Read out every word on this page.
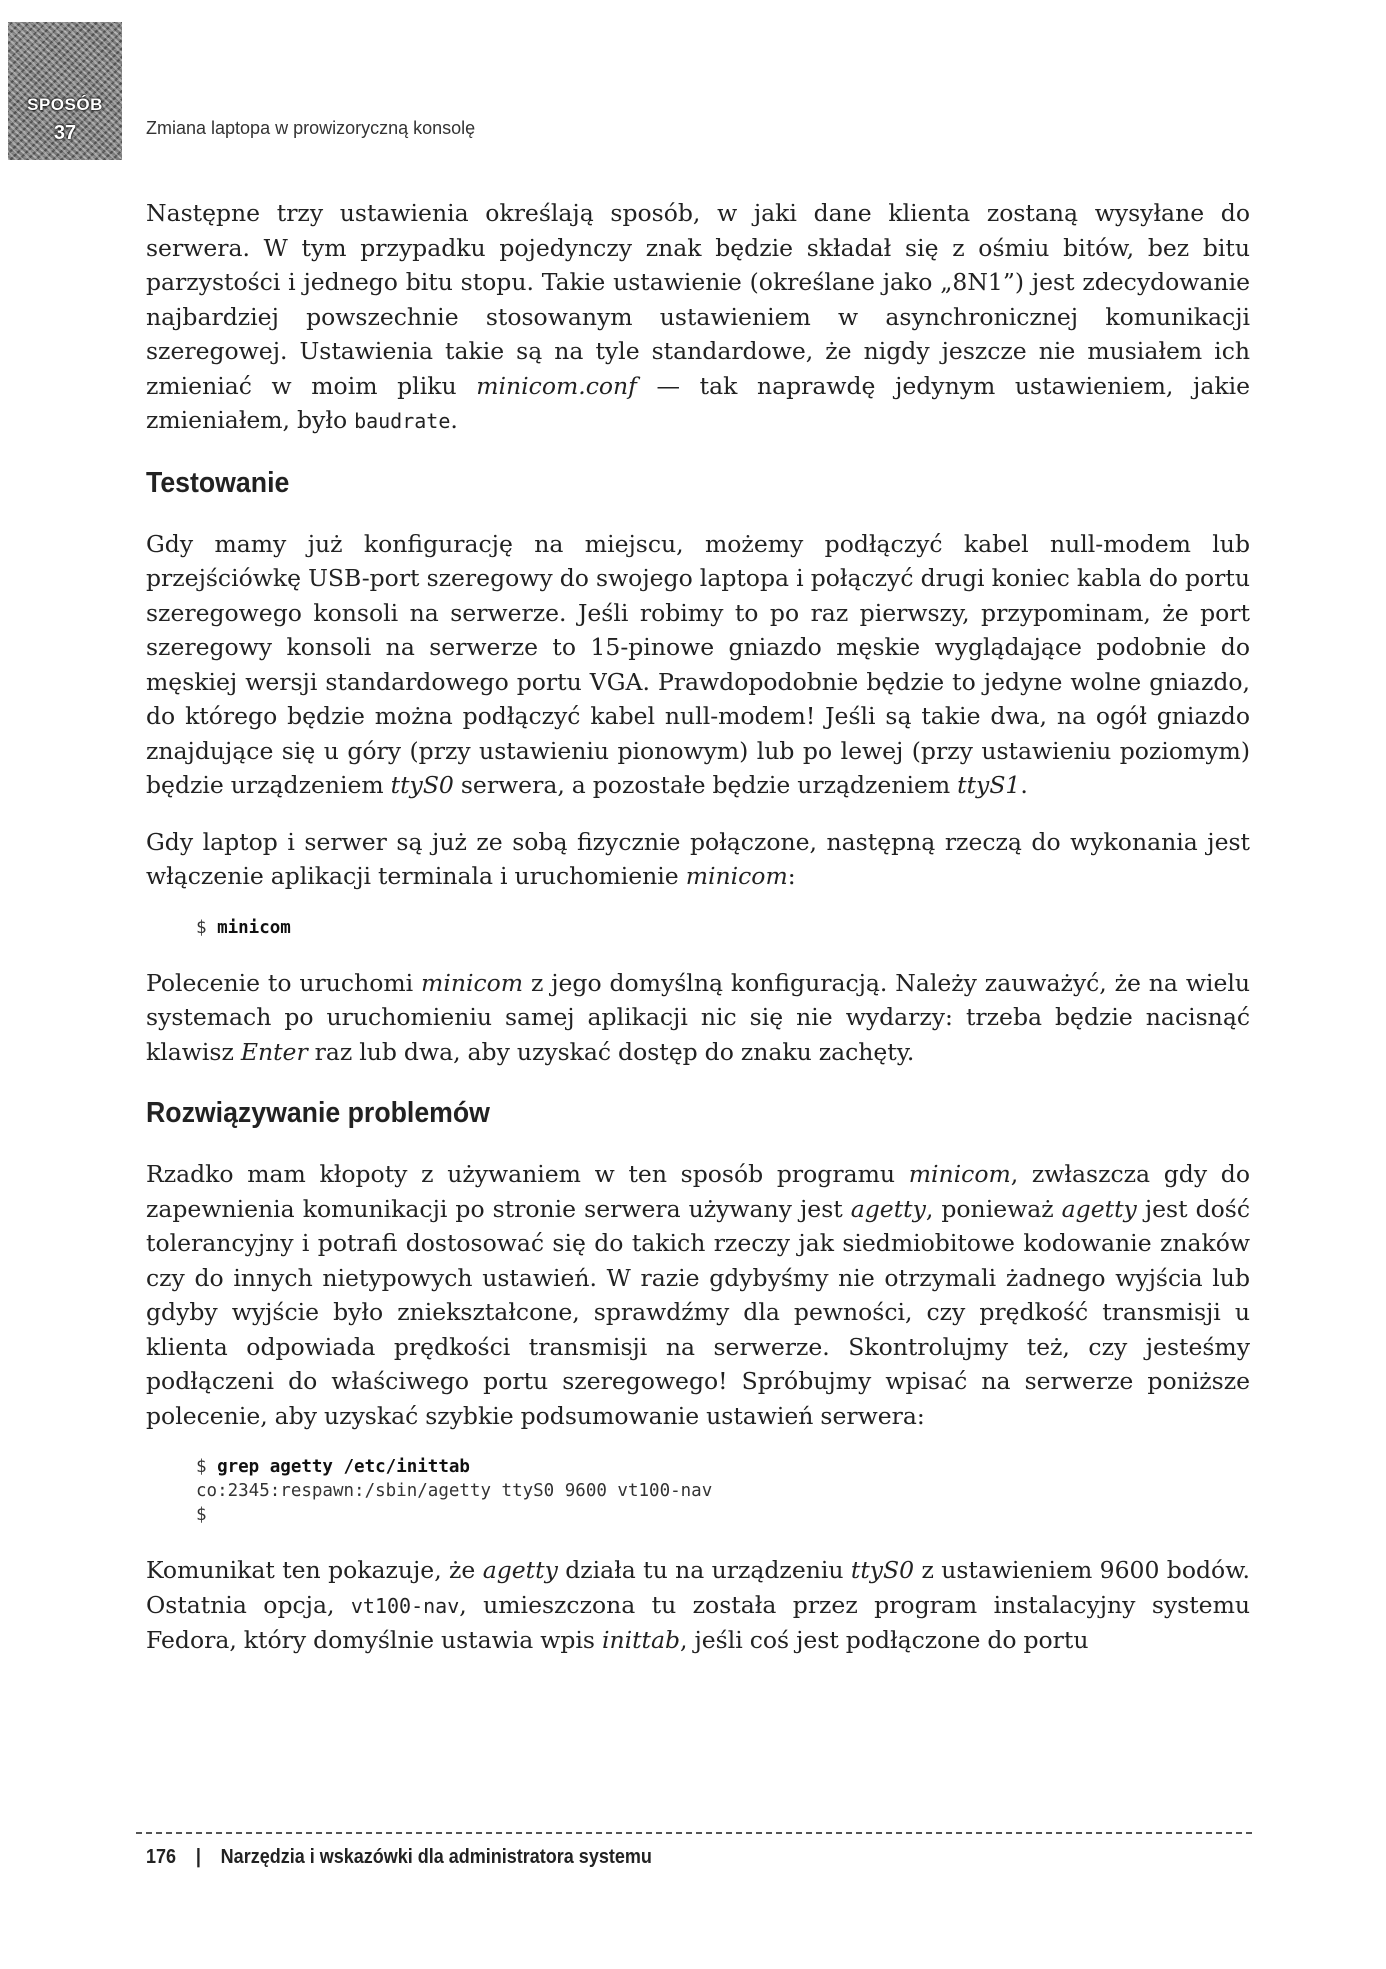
SPOSÓB
37	Zmiana laptopa w prowizoryczną konsolę

Następne trzy ustawienia określają sposób, w jaki dane klienta zostaną wysyłane do serwera. W tym przypadku pojedynczy znak będzie składał się z ośmiu bitów, bez bitu parzystości i jednego bitu stopu. Takie ustawienie (określane jako „8N1”) jest zdecydowanie najbardziej powszechnie stosowanym ustawieniem w asynchronicznej komunikacji szeregowej. Ustawienia takie są na tyle standardowe, że nigdy jeszcze nie musiałem ich zmieniać w moim pliku minicom.conf — tak naprawdę jedynym ustawieniem, jakie zmieniałem, było baudrate.

Testowanie

Gdy mamy już konfigurację na miejscu, możemy podłączyć kabel null-modem lub przejściówkę USB-port szeregowy do swojego laptopa i połączyć drugi koniec kabla do portu szeregowego konsoli na serwerze. Jeśli robimy to po raz pierwszy, przypominam, że port szeregowy konsoli na serwerze to 15-pinowe gniazdo męskie wyglądające podobnie do męskiej wersji standardowego portu VGA. Prawdopodobnie będzie to jedyne wolne gniazdo, do którego będzie można podłączyć kabel null-modem! Jeśli są takie dwa, na ogół gniazdo znajdujące się u góry (przy ustawieniu pionowym) lub po lewej (przy ustawieniu poziomym) będzie urządzeniem ttyS0 serwera, a pozostałe będzie urządzeniem ttyS1.

Gdy laptop i serwer są już ze sobą fizycznie połączone, następną rzeczą do wykonania jest włączenie aplikacji terminala i uruchomienie minicom:

$ minicom

Polecenie to uruchomi minicom z jego domyślną konfiguracją. Należy zauważyć, że na wielu systemach po uruchomieniu samej aplikacji nic się nie wydarzy: trzeba będzie nacisnąć klawisz Enter raz lub dwa, aby uzyskać dostęp do znaku zachęty.

Rozwiązywanie problemów

Rzadko mam kłopoty z używaniem w ten sposób programu minicom, zwłaszcza gdy do zapewnienia komunikacji po stronie serwera używany jest agetty, ponieważ agetty jest dość tolerancyjny i potrafi dostosować się do takich rzeczy jak siedmiobitowe kodowanie znaków czy do innych nietypowych ustawień. W razie gdybyśmy nie otrzymali żadnego wyjścia lub gdyby wyjście było zniekształcone, sprawdźmy dla pewności, czy prędkość transmisji u klienta odpowiada prędkości transmisji na serwerze. Skontrolujmy też, czy jesteśmy podłączeni do właściwego portu szeregowego! Spróbujmy wpisać na serwerze poniższe polecenie, aby uzyskać szybkie podsumowanie ustawień serwera:

$ grep agetty /etc/inittab
co:2345:respawn:/sbin/agetty ttyS0 9600 vt100-nav
$

Komunikat ten pokazuje, że agetty działa tu na urządzeniu ttyS0 z ustawieniem 9600 bodów. Ostatnia opcja, vt100-nav, umieszczona tu została przez program instalacyjny systemu Fedora, który domyślnie ustawia wpis inittab, jeśli coś jest podłączone do portu

176 | Narzędzia i wskazówki dla administratora systemu
